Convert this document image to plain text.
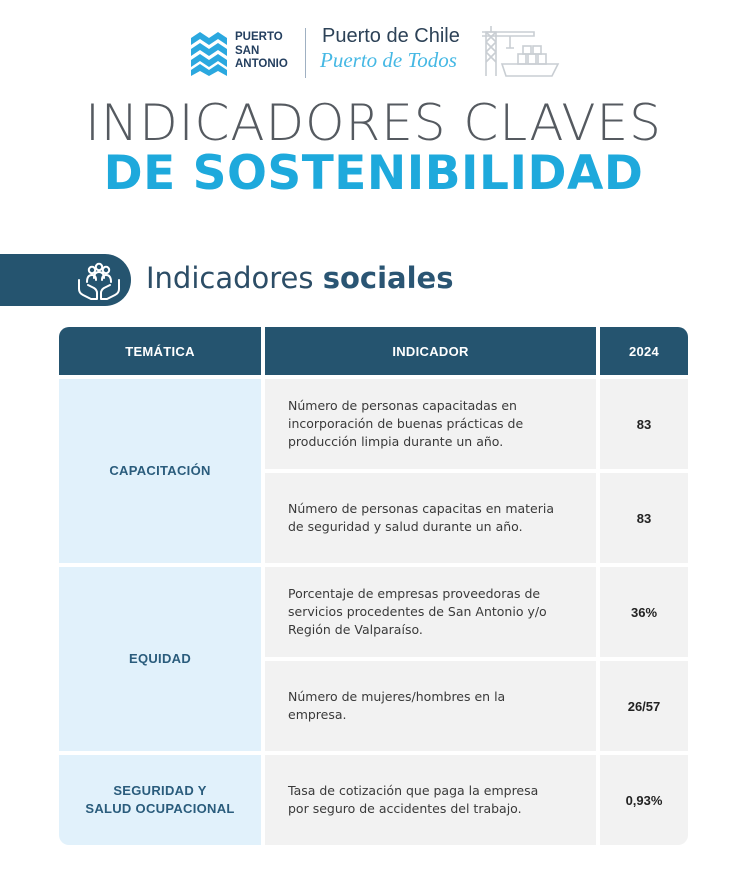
PUERTO
SAN
ANTONIO
Puerto de Chile
Puerto de Todos
INDICADORES CLAVES
DE SOSTENIBILIDAD
Indicadores sociales
TEMÁTICA	INDICADOR	2024
CAPACITACIÓN
Número de personas capacitadas en
incorporación de buenas prácticas de
producción limpia durante un año.
83
Número de personas capacitas en materia
de seguridad y salud durante un año.
83
EQUIDAD
Porcentaje de empresas proveedoras de
servicios procedentes de San Antonio y/o
Región de Valparaíso.
36%
Número de mujeres/hombres en la
empresa.
26/57
SEGURIDAD Y
SALUD OCUPACIONAL
Tasa de cotización que paga la empresa
por seguro de accidentes del trabajo.
0,93%
